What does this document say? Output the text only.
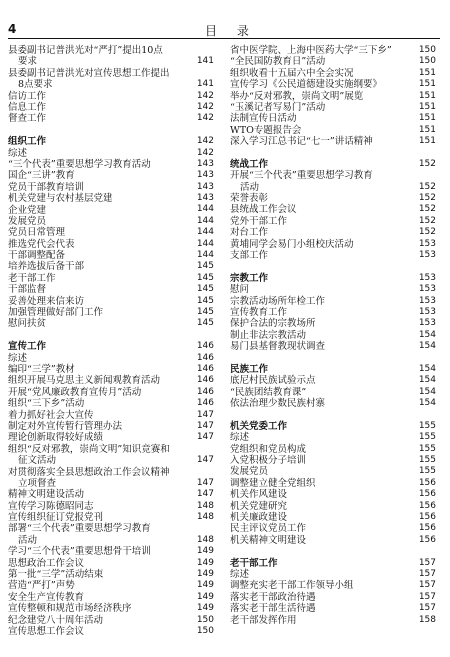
4	目 录
县委副书记普洪光对“严打”提出10点
要求	141
县委副书记普洪光对宣传思想工作提出
8点要求	141
信访工作	142
信息工作	142
督查工作	142
组织工作	142
综述	142
“三个代表”重要思想学习教育活动	143
国企“三讲”教育	143
党员干部教育培训	143
机关党建与农村基层党建	143
企业党建	144
发展党员	144
党员日常管理	144
推选党代会代表	144
干部调整配备	144
培养选拔后备干部	145
老干部工作	145
干部监督	145
妥善处理来信来访	145
加强管理做好部门工作	145
慰问扶贫	145
宣传工作	146
综述	146
编印“三学”教材	146
组织开展马克思主义新闻观教育活动	146
开展“党风廉政教育宣传月”活动	146
组织“三下乡”活动	146
着力抓好社会大宣传	147
制定对外宣传暂行管理办法	147
理论创新取得较好成绩	147
组织“反对邪教，崇尚文明”知识竞赛和
征文活动	147
对贯彻落实全县思想政治工作会议精神
立项督查	147
精神文明建设活动	147
宣传学习陈德昭同志	148
宣传组织征订党报党刊	148
部署“三个代表”重要思想学习教育
活动	148
学习“三个代表”重要思想骨干培训	149
思想政治工作会议	149
第一批“三学”活动结束	149
营造“严打”声势	149
安全生产宣传教育	149
宣传整顿和规范市场经济秩序	149
纪念建党八十周年活动	150
宣传思想工作会议	150
省中医学院、上海中医药大学“三下乡”	150
“全民国防教育日”活动	150
组织收看十五届六中全会实况	151
宣传学习《公民道德建设实施纲要》	151
举办“反对邪教，崇尚文明”展览	151
“玉溪记者写易门”活动	151
法制宣传日活动	151
WTO专题报告会	151
深入学习江总书记“七一”讲话精神	151
统战工作	152
开展“三个代表”重要思想学习教育
活动	152
荣誉表彰	152
县统战工作会议	152
党外干部工作	152
对台工作	152
黄埔同学会易门小组校庆活动	153
支部工作	153
宗教工作	153
慰问	153
宗教活动场所年检工作	153
宣传教育工作	153
保护合法的宗教场所	153
制止非法宗教活动	154
易门县基督教现状调查	154
民族工作	154
底尼村民族试验示点	154
“民族团结教育课”	154
依法治理少数民族村寨	154
机关党委工作	155
综述	155
党组织和党员构成	155
入党积极分子培训	155
发展党员	155
调整建立健全党组织	156
机关作风建设	156
机关党建研究	156
机关廉政建设	156
民主评议党员工作	156
机关精神文明建设	156
老干部工作	157
综述	157
调整充实老干部工作领导小组	157
落实老干部政治待遇	157
落实老干部生活待遇	157
老干部发挥作用	158
